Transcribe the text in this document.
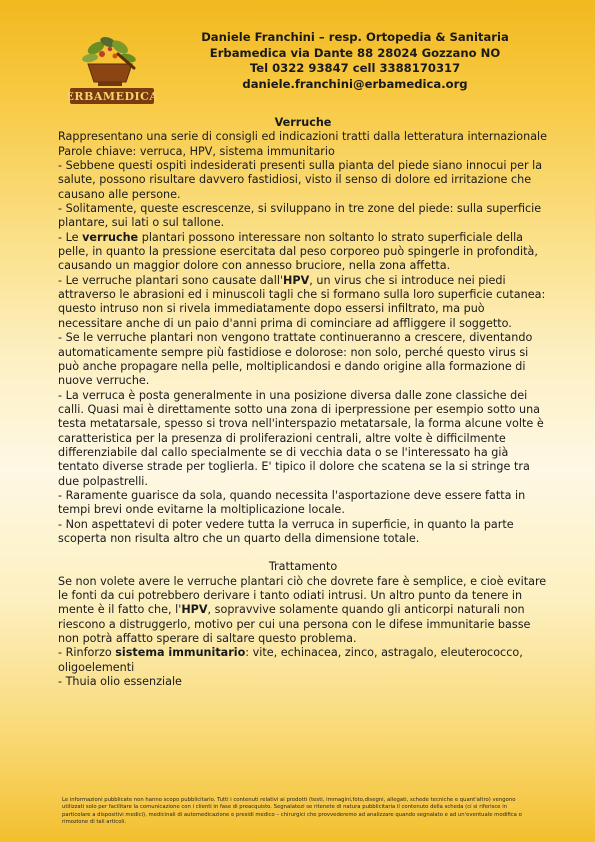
ERBAMEDICA
Daniele Franchini – resp. Ortopedia & Sanitaria
Erbamedica via Dante 88 28024 Gozzano NO
Tel 0322 93847 cell 3388170317
daniele.franchini@erbamedica.org

Verruche

Rappresentano una serie di consigli ed indicazioni tratti dalla letteratura internazionale

Parole chiave: verruca, HPV, sistema immunitario

- Sebbene questi ospiti indesiderati presenti sulla pianta del piede siano innocui per la salute, possono risultare davvero fastidiosi, visto il senso di dolore ed irritazione che causano alle persone.

- Solitamente, queste escrescenze, si sviluppano in tre zone del piede: sulla superficie plantare, sui lati o sul tallone.

- Le verruche plantari possono interessare non soltanto lo strato superficiale della pelle, in quanto la pressione esercitata dal peso corporeo può spingerle in profondità, causando un maggior dolore con annesso bruciore, nella zona affetta.

- Le verruche plantari sono causate dall'HPV, un virus che si introduce nei piedi attraverso le abrasioni ed i minuscoli tagli che si formano sulla loro superficie cutanea: questo intruso non si rivela immediatamente dopo essersi infiltrato, ma può necessitare anche di un paio d'anni prima di cominciare ad affliggere il soggetto.

- Se le verruche plantari non vengono trattate continueranno a crescere, diventando automaticamente sempre più fastidiose e dolorose: non solo, perché questo virus si può anche propagare nella pelle, moltiplicandosi e dando origine alla formazione di nuove verruche.

- La verruca è posta generalmente in una posizione diversa dalle zone classiche dei calli. Quasi mai è direttamente sotto una zona di iperpressione per esempio sotto una testa metatarsale, spesso si trova nell'interspazio metatarsale, la forma alcune volte è caratteristica per la presenza di proliferazioni centrali, altre volte è difficilmente differenziabile dal callo specialmente se di vecchia data o se l'interessato ha già tentato diverse strade per toglierla. E' tipico il dolore che scatena se la si stringe tra due polpastrelli.

- Raramente guarisce da sola, quando necessita l'asportazione deve essere fatta in tempi brevi onde evitarne la moltiplicazione locale.

- Non aspettatevi di poter vedere tutta la verruca in superficie, in quanto la parte scoperta non risulta altro che un quarto della dimensione totale.

Trattamento

Se non volete avere le verruche plantari ciò che dovrete fare è semplice, e cioè evitare le fonti da cui potrebbero derivare i tanto odiati intrusi. Un altro punto da tenere in mente è il fatto che, l'HPV, sopravvive solamente quando gli anticorpi naturali non riescono a distruggerlo, motivo per cui una persona con le difese immunitarie basse non potrà affatto sperare di saltare questo problema.

- Rinforzo sistema immunitario: vite, echinacea, zinco, astragalo, eleuterococco, oligoelementi

- Thuia olio essenziale

Le informazioni pubblicate non hanno scopo pubblicitario. Tutti i contenuti relativi ai prodotti (testi, immagini,foto,disegni, allegati, schede tecniche e quant'altro) vengono utilizzati solo per facilitare la comunicazione con i clienti in fase di preacquisto. Segnalatezi se ritenete di natura pubblicitaria il contenuto della scheda (ci si riferisce in particolare a dispositivi medici), medicinali di automedicazione e presidi medico – chirurgici che provvederemo ad analizzare quando segnalato e ad un'eventuale modifica o rimozione di tali articoli.
